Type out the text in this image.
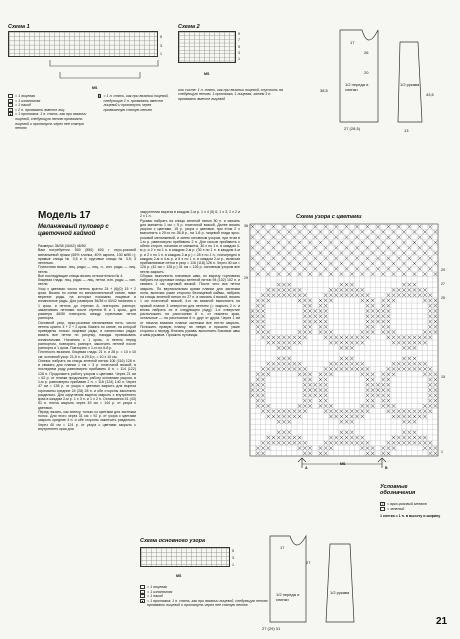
Схема 1
5
3
1
MS
= 1 лицевая
–	= 1 изнаночная
○ = 1 накид
/	= 2 п. провязать вместе лиц.
▲ = 1 протяжка: 1 п. снять, как при вязании лицевой, следующую петлю провязать лицевой и протянуть через нее снятую петлю
λ = 1 п. снять, как при вязании лицевой, следующие 2 п. провязать вместе лицевой и протянуть через провязанную снятую петлю
Схема 2
9
7
5
3
1
MS
или состе: 1 п. снять, как при вязании лицевой, спустить на следующую петлю, 1 протяжка, 1 лицевая, затем 3 п. провязать вместе лицевой
1/2 переда и спинки
1/2 рукава
17
26
20
38,5
43,5
27 (28,5)	13
Модель 17
Меланжевый пуловер с цветочной каймой

Размеры: 36/38 (40/42) 46/50

Вам потребуется: 500 (550) 600 г серо-розовой меланжевой пряжи (65% хлопка, 40% акрила, 130 м/50 г); прямые спицы № 3,5 и 4; круговые спицы № 3,5; 3 петельки.

Платочная вязка: лиц. ряды — лиц. п., изн. ряды — лиц. петли.

Все последующие спицы вязать относительно № 4.

Лицевая гладь: лиц. ряды — лиц. петли, изн. ряды — изн. петли.

Узор с цветами: число петель кратно 24 + (6)(0) 15 + 2 кром. Вязать по схеме по вспомогательной схеме, ниже верхние ряды, на которых показаны лицевые и изнаночные ряды. Для размеров 36/38 и 40/42 начинать с 1 кром. и петель до стрелки А, повторять раппорт, заканчивать петлями после стрелки В и 1 кром., для размера 46/50 повторить между стрелками петли раппорта.

Основной узор, ярко-розовая меланжевая нить: число петель кратно 4 + 2 + 2 кром. Вязать по схеме, на которой приведены только лицевые ряды, в изнаночных рядах вязать все петли по рисунку, накиды провязывать изнаночными. Начинать с 1 кром., и петель перед раппортом, повторять раппорт, закончить петлей после раппорта и 1 кром. Повторять с 1-го по 6-й р.

Плотность вязания. Лицевая гладь: 21 п. и 28 р. = 10 х 10 см; основной узор: 21,5 п. и 29,5 р. = 10 х 10 см.

Спинка: набрать на спицы зеленой нитью 106 (116) 126 п. и связать для планки 1 см = 3 р. платочной вязкой, в последнем ряду равномерно прибавить 8 п. = 114 (122) 128 п. Продолжить работу узором с цветами. Через 21 см = 62 р. от планки продолжить работу основным узором, в 1-м р. равномерно прибавив 2 п. = 116 (124) 140 п. Через 47 см = 138 р. от узора с цветами закрыть для выреза горловины средние 24 (28) 28 п. и обе стороны закончить раздельно. Для скругления выреза закрыть с внутреннего края в каждом 2-м р. 1 х 3 п. и 1 х 2 п. Оставшиеся 41 (43) 51 п. плеча закрыть через 49 см = 144 р. от узора с цветами.

Перед: вязать, как спинку, только со цветами для застежки полос. Для этого через 31 см = 92 р. от узора с цветами закрыть средние 4 п. и обе стороны закончить раздельно. Через 40 см = 124 р. от узора с цветами закрыть с внутреннего края для

закругления выреза в каждом 2-м р. 1 х 4 (5) 6, 1 х 3, 2 х 2 и 2 х 1 п.

Рукава: набрать на спицы зеленой нитью 50 п. и связать для манжеты 1 см = 5 р. платочной вязкой. Далее вязать узором с цветами, 15 р. узора с цветами, при этом 2 х выполнить с 29-го по 36-й р., на 1-й р. лицевой глади ярко-розовой меланжевой, и затем основным узором, при этом в 1-м р. равномерно прибавить 2 п. Для скосов прибавить с обеих сторон, начиная от манжеты, 30 х по 1 п. в каждом 4-м р. и 2 х по 1 п. в каждом 2-м р. (30 х по 1 п. в каждом 4-м р. и 2 х по 1 п. в каждом 2-м р.) = 28 х по 1 п., поочередно в каждом 2-м и 4-м р. и 8 х по 1 п. в каждом 2-м р., включая прибавляемые петли в узор = 116 (118) 126 п. Через 40 см = 126 р. (42 см = 126 р.) 41 см = 126 р. основным узором все петли закрыть.

Сборка: выполнить плечевые швы, по вырезу горловины набрать на круговые спицы зеленой нитью 94 (102) 102 п. и связать 1 см круговой вязкой. После чего все петли закрыть. По вертикальным краям планки для застежки пола, включая узкие стороны безлицевой каймы, набрать на спицы зеленой нитью по 27 п. и связать 4 вязкой, вязать 1 см платочной вязкой, 4-ю на вязаной выполнить на правой планке 3 отверстия для петелек (= закрыть 2 п. и вновь набрать их в следующем ряду): 1-е отверстие расположить на расстоянии 6 п. от нижнего края, остальные — на расстоянии 6 п. друг от друга. Через 1 см от начала вязания планки застежки все петли закрыть. Положить правую планку на левую и пришить узкие стороны к переду. Втачать рукава, выполнить боковые швы и швы рукавов. Пришить пуговицы.

Схема узора с цветами
36
29
29
27
25
15
1
A
MS
B
Условные обозначения
×	= ярко-розовый меланж
= зеленый
1 клетка = 1 п. в высоту и ширину
Схема основного узора
5
3
1
MS
= 1 лицевая
–	= 1 изнаночная
○ = 1 накид
▲ = 1 протяжка: 1 п. снять, как при вязании лицевой, следующую петлю провязать лицевой и протянуть через нее снятую петлю
1/2 переда и спинки
1/2 рукава
17
27
27 (29) 31
21
